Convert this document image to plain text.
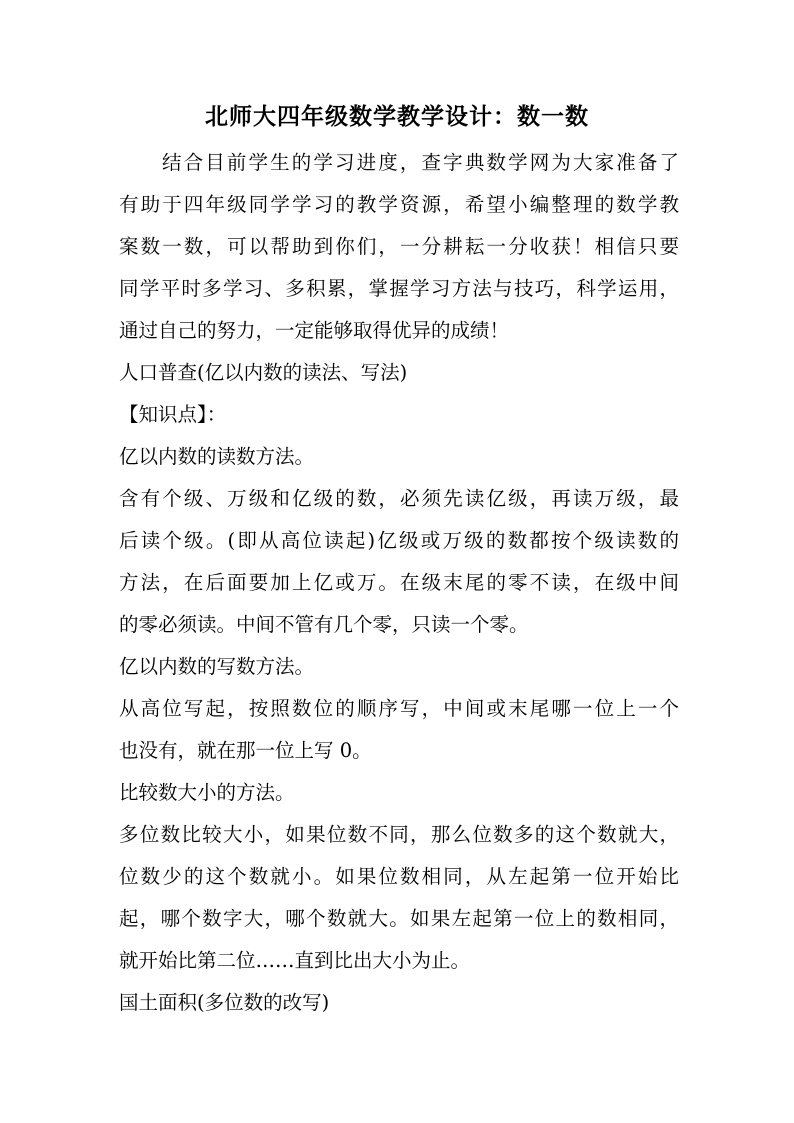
北师大四年级数学教学设计：数一数
结合目前学生的学习进度，查字典数学网为大家准备了
有助于四年级同学学习的教学资源，希望小编整理的数学教
案数一数，可以帮助到你们，一分耕耘一分收获！相信只要
同学平时多学习、多积累，掌握学习方法与技巧，科学运用，
通过自己的努力，一定能够取得优异的成绩！
人口普查(亿以内数的读法、写法)
【知识点】：
亿以内数的读数方法。
含有个级、万级和亿级的数，必须先读亿级，再读万级，最
后读个级。(即从高位读起)亿级或万级的数都按个级读数的
方法，在后面要加上亿或万。在级末尾的零不读，在级中间
的零必须读。中间不管有几个零，只读一个零。
亿以内数的写数方法。
从高位写起，按照数位的顺序写，中间或末尾哪一位上一个
也没有，就在那一位上写 0。
比较数大小的方法。
多位数比较大小，如果位数不同，那么位数多的这个数就大，
位数少的这个数就小。如果位数相同，从左起第一位开始比
起，哪个数字大，哪个数就大。如果左起第一位上的数相同，
就开始比第二位……直到比出大小为止。
国土面积(多位数的改写)
